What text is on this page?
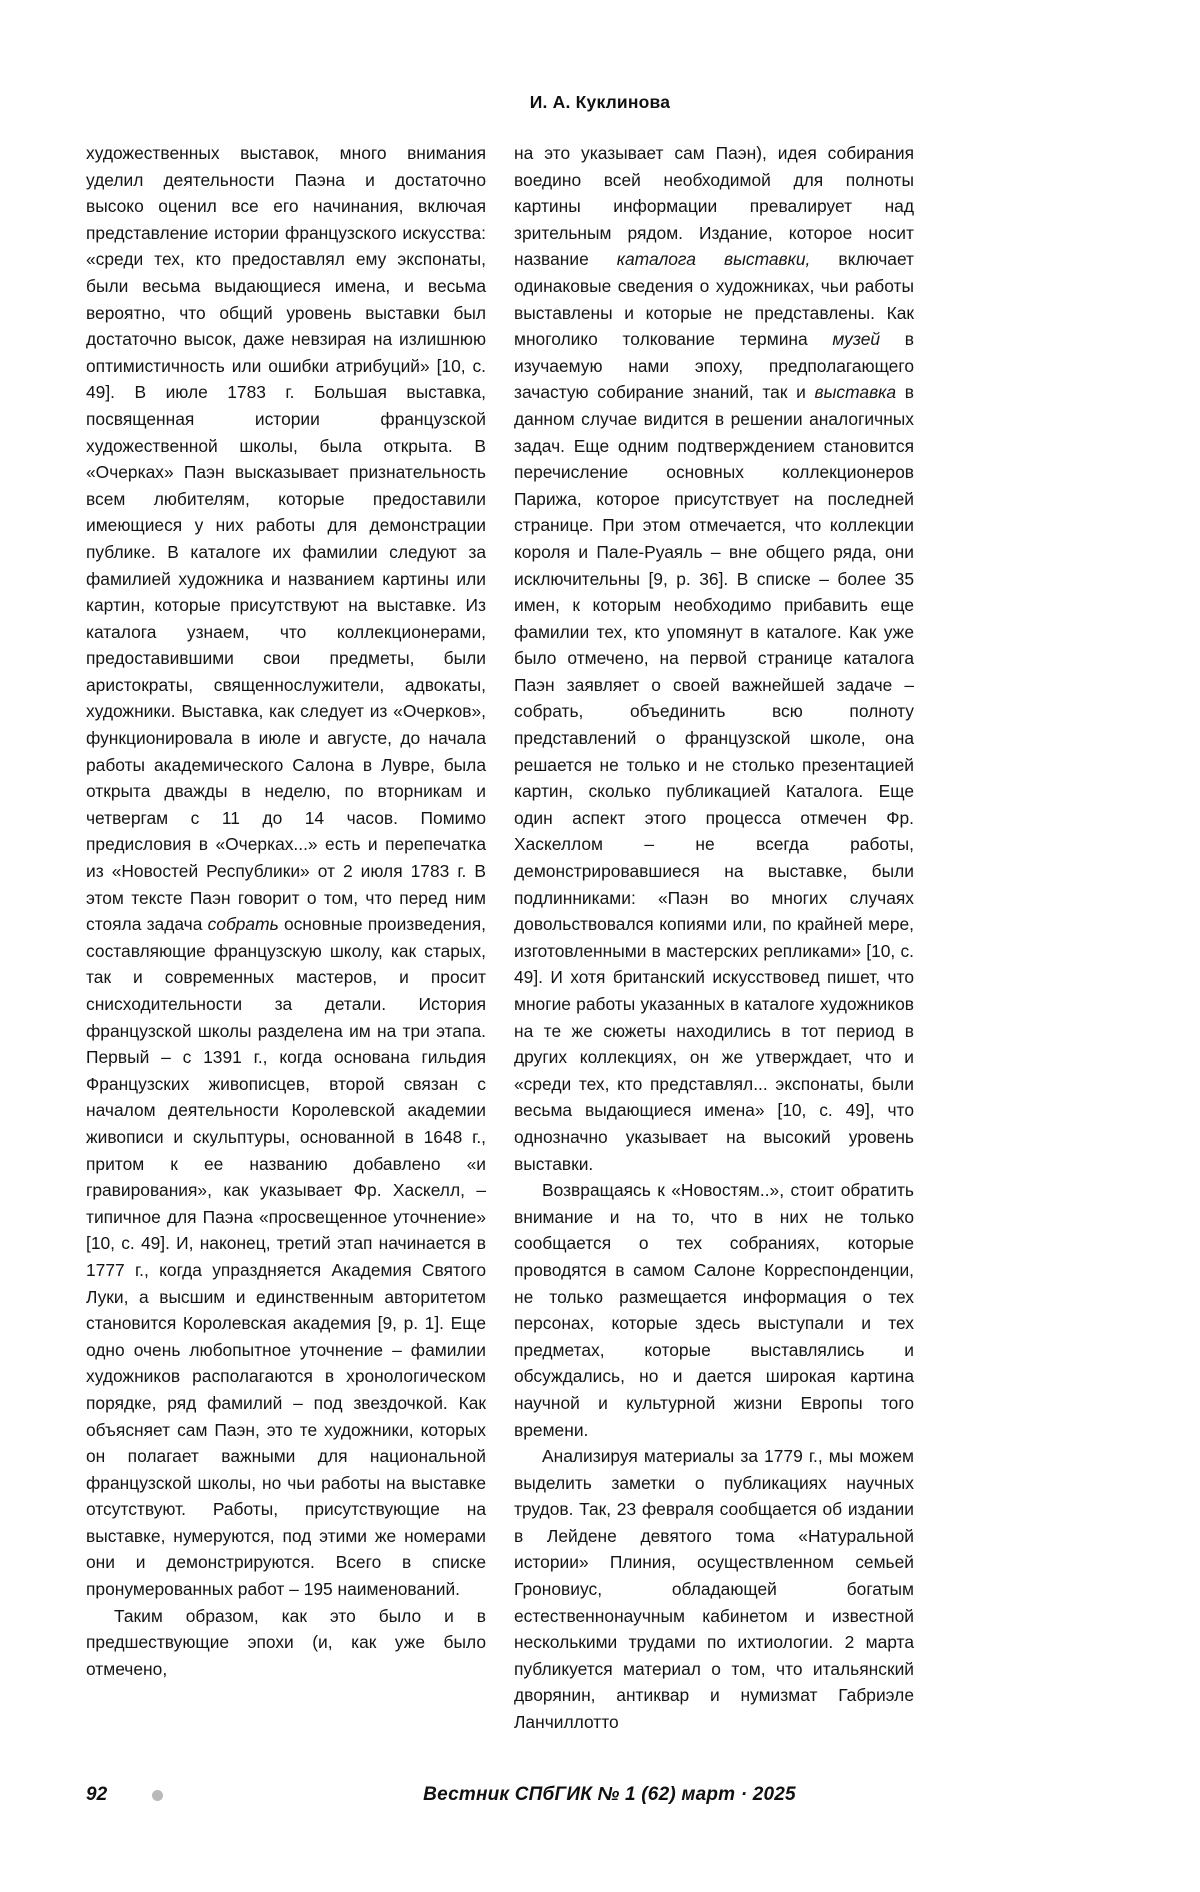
И. А. Куклинова

художественных выставок, много внимания уделил деятельности Паэна и достаточно высоко оценил все его начинания, включая представление истории французского искусства: «среди тех, кто предоставлял ему экспонаты, были весьма выдающиеся имена, и весьма вероятно, что общий уровень выставки был достаточно высок, даже невзирая на излишнюю оптимистичность или ошибки атрибуций» [10, с. 49]. В июле 1783 г. Большая выставка, посвященная истории французской художественной школы, была открыта. В «Очерках» Паэн высказывает признательность всем любителям, которые предоставили имеющиеся у них работы для демонстрации публике. В каталоге их фамилии следуют за фамилией художника и названием картины или картин, которые присутствуют на выставке. Из каталога узнаем, что коллекционерами, предоставившими свои предметы, были аристократы, священнослужители, адвокаты, художники. Выставка, как следует из «Очерков», функционировала в июле и августе, до начала работы академического Салона в Лувре, была открыта дважды в неделю, по вторникам и четвергам с 11 до 14 часов. Помимо предисловия в «Очерках...» есть и перепечатка из «Новостей Республики» от 2 июля 1783 г. В этом тексте Паэн говорит о том, что перед ним стояла задача собрать основные произведения, составляющие французскую школу, как старых, так и современных мастеров, и просит снисходительности за детали. История французской школы разделена им на три этапа. Первый – с 1391 г., когда основана гильдия Французских живописцев, второй связан с началом деятельности Королевской академии живописи и скульптуры, основанной в 1648 г., притом к ее названию добавлено «и гравирования», как указывает Фр. Хаскелл, – типичное для Паэна «просвещенное уточнение» [10, с. 49]. И, наконец, третий этап начинается в 1777 г., когда упраздняется Академия Святого Луки, а высшим и единственным авторитетом становится Королевская академия [9, р. 1]. Еще одно очень любопытное уточнение – фамилии художников располагаются в хронологическом порядке, ряд фамилий – под звездочкой. Как объясняет сам Паэн, это те художники, которых он полагает важными для национальной французской школы, но чьи работы на выставке отсутствуют. Работы, присутствующие на выставке, нумеруются, под этими же номерами они и демонстрируются. Всего в списке пронумерованных работ – 195 наименований.

Таким образом, как это было и в предшествующие эпохи (и, как уже было отмечено,

на это указывает сам Паэн), идея собирания воедино всей необходимой для полноты картины информации превалирует над зрительным рядом. Издание, которое носит название каталога выставки, включает одинаковые сведения о художниках, чьи работы выставлены и которые не представлены. Как многолико толкование термина музей в изучаемую нами эпоху, предполагающего зачастую собирание знаний, так и выставка в данном случае видится в решении аналогичных задач. Еще одним подтверждением становится перечисление основных коллекционеров Парижа, которое присутствует на последней странице. При этом отмечается, что коллекции короля и Пале-Руаяль – вне общего ряда, они исключительны [9, р. 36]. В списке – более 35 имен, к которым необходимо прибавить еще фамилии тех, кто упомянут в каталоге. Как уже было отмечено, на первой странице каталога Паэн заявляет о своей важнейшей задаче – собрать, объединить всю полноту представлений о французской школе, она решается не только и не столько презентацией картин, сколько публикацией Каталога. Еще один аспект этого процесса отмечен Фр. Хаскеллом – не всегда работы, демонстрировавшиеся на выставке, были подлинниками: «Паэн во многих случаях довольствовался копиями или, по крайней мере, изготовленными в мастерских репликами» [10, с. 49]. И хотя британский искусствовед пишет, что многие работы указанных в каталоге художников на те же сюжеты находились в тот период в других коллекциях, он же утверждает, что и «среди тех, кто представлял... экспонаты, были весьма выдающиеся имена» [10, с. 49], что однозначно указывает на высокий уровень выставки.

Возвращаясь к «Новостям..», стоит обратить внимание и на то, что в них не только сообщается о тех собраниях, которые проводятся в самом Салоне Корреспонденции, не только размещается информация о тех персонах, которые здесь выступали и тех предметах, которые выставлялись и обсуждались, но и дается широкая картина научной и культурной жизни Европы того времени.

Анализируя материалы за 1779 г., мы можем выделить заметки о публикациях научных трудов. Так, 23 февраля сообщается об издании в Лейдене девятого тома «Натуральной истории» Плиния, осуществленном семьей Гроновиус, обладающей богатым естественнонаучным кабинетом и известной несколькими трудами по ихтиологии. 2 марта публикуется материал о том, что итальянский дворянин, антиквар и нумизмат Габриэле Ланчиллотто

92	Вестник СПбГИК № 1 (62) март · 2025
